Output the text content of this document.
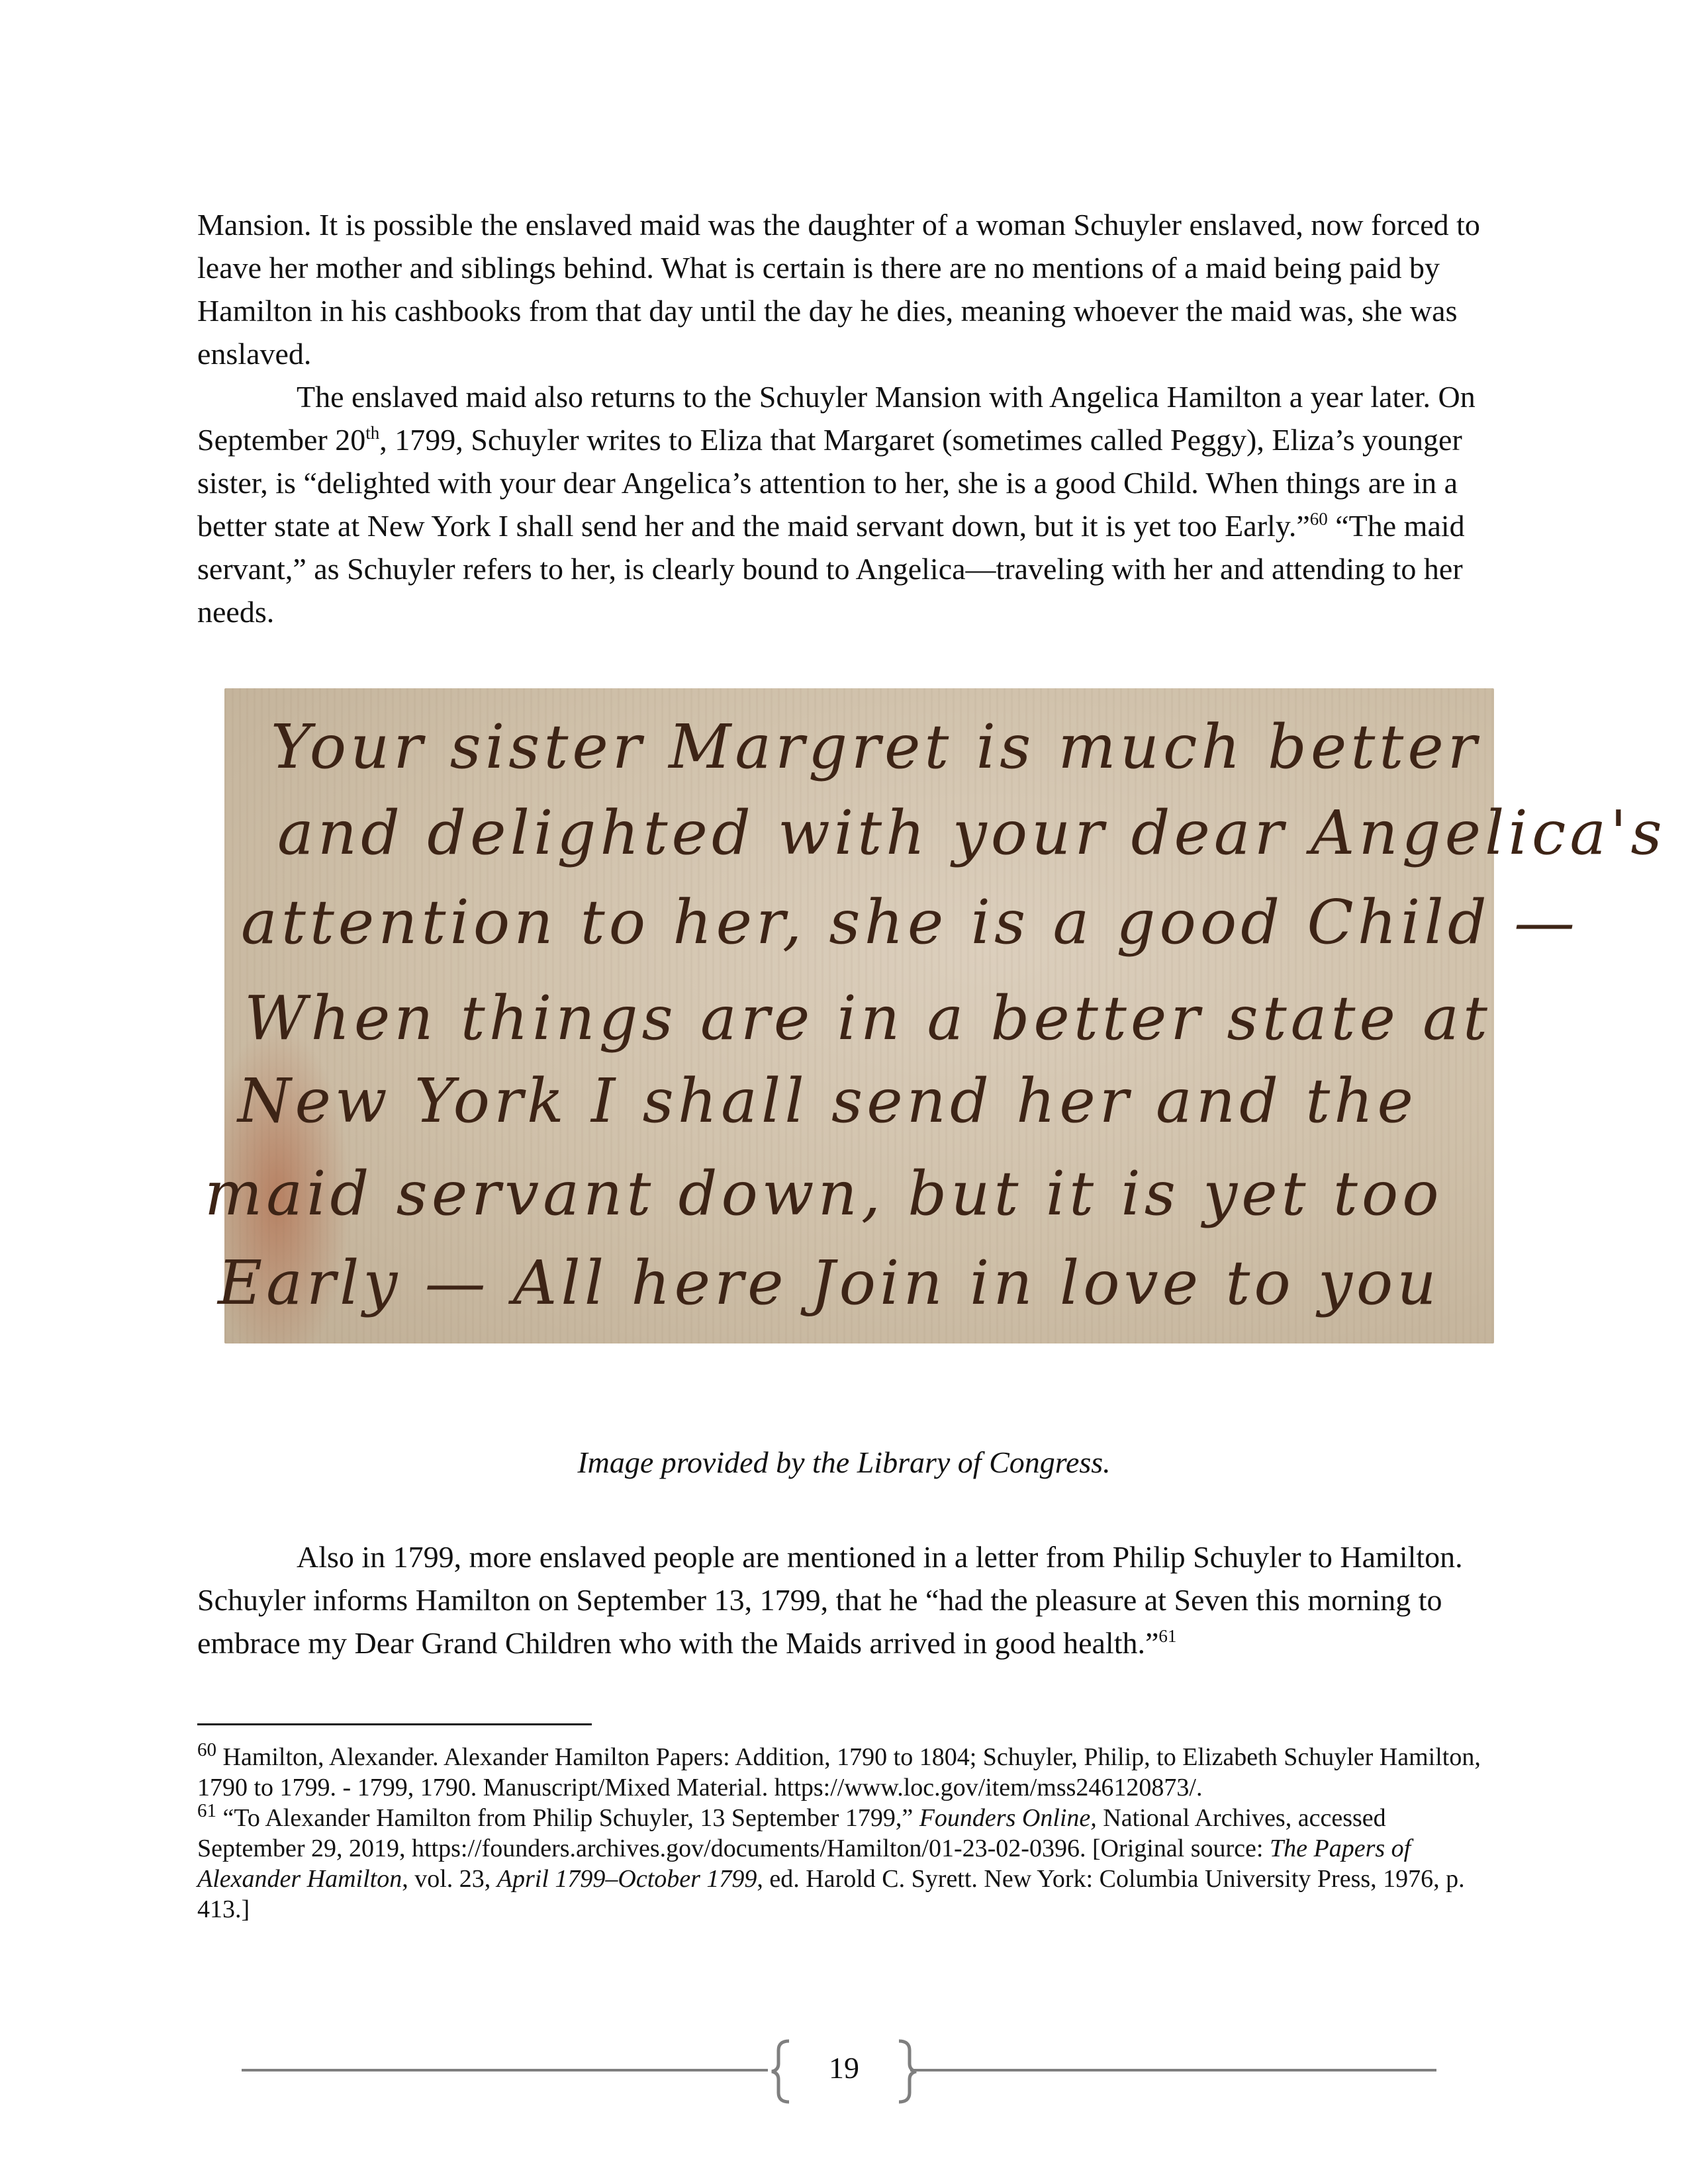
Mansion. It is possible the enslaved maid was the daughter of a woman Schuyler enslaved, now forced to leave her mother and siblings behind. What is certain is there are no mentions of a maid being paid by Hamilton in his cashbooks from that day until the day he dies, meaning whoever the maid was, she was enslaved.

The enslaved maid also returns to the Schuyler Mansion with Angelica Hamilton a year later. On September 20th, 1799, Schuyler writes to Eliza that Margaret (sometimes called Peggy), Eliza’s younger sister, is “delighted with your dear Angelica’s attention to her, she is a good Child. When things are in a better state at New York I shall send her and the maid servant down, but it is yet too Early.”$^{60}$ “The maid servant,” as Schuyler refers to her, is clearly bound to Angelica—traveling with her and attending to her needs.

Your sister Margret is much better
and delighted with your dear Angelica's
attention to her, she is a good Child —
When things are in a better state at
New York I shall send her and the
maid servant down, but it is yet too
Early — All here Join in love to you

Image provided by the Library of Congress.

Also in 1799, more enslaved people are mentioned in a letter from Philip Schuyler to Hamilton. Schuyler informs Hamilton on September 13, 1799, that he “had the pleasure at Seven this morning to embrace my Dear Grand Children who with the Maids arrived in good health.”$^{61}$

$^{60}$ Hamilton, Alexander. Alexander Hamilton Papers: Addition, 1790 to 1804; Schuyler, Philip, to Elizabeth Schuyler Hamilton, 1790 to 1799. - 1799, 1790. Manuscript/Mixed Material. https://www.loc.gov/item/mss246120873/.

$^{61}$ “To Alexander Hamilton from Philip Schuyler, 13 September 1799,” Founders Online, National Archives, accessed September 29, 2019, https://founders.archives.gov/documents/Hamilton/01-23-02-0396. [Original source: The Papers of Alexander Hamilton, vol. 23, April 1799–October 1799, ed. Harold C. Syrett. New York: Columbia University Press, 1976, p. 413.]

19
